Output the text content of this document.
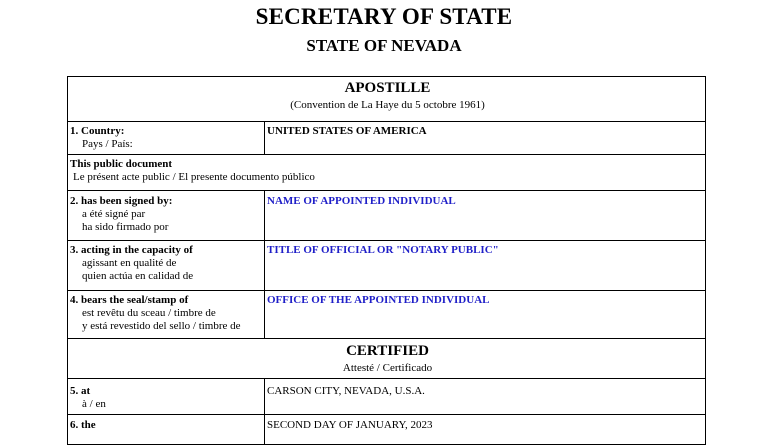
SECRETARY OF STATE
STATE OF NEVADA
APOSTILLE
(Convention de La Haye du 5 octobre 1961)	

1. Country:
Pays / País:	UNITED STATES OF AMERICA

This public document
Le présent acte public / El presente documento público	

2. has been signed by:
a été signé par
ha sido firmado por	NAME OF APPOINTED INDIVIDUAL

3. acting in the capacity of
agissant en qualité de
quien actúa en calidad de	TITLE OF OFFICIAL OR "NOTARY PUBLIC"

4. bears the seal/stamp of
est revêtu du sceau / timbre de
y está revestido del sello / timbre de	OFFICE OF THE APPOINTED INDIVIDUAL

CERTIFIED
Attesté / Certificado	

5. at
à / en	CARSON CITY, NEVADA, U.S.A.

6. the	SECOND DAY OF JANUARY, 2023
